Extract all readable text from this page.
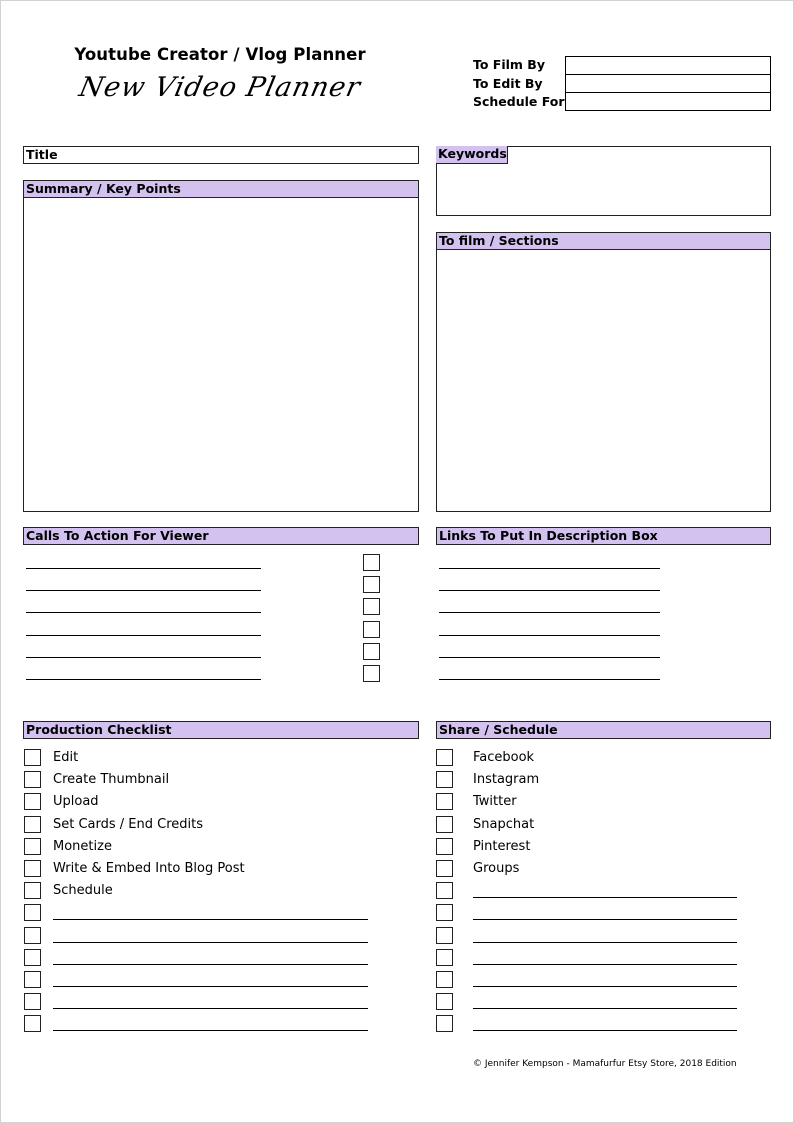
Youtube Creator / Vlog Planner
New Video Planner
To Film By
To Edit By
Schedule For
Title	Keywords
Summary / Key Points
To film / Sections
Calls To Action For Viewer	Links To Put In Description Box
Production Checklist
Edit
Create Thumbnail
Upload
Set Cards / End Credits
Monetize
Write & Embed Into Blog Post
Schedule
Share / Schedule
Facebook
Instagram
Twitter
Snapchat
Pinterest
Groups
© Jennifer Kempson - Mamafurfur Etsy Store, 2018 Edition
